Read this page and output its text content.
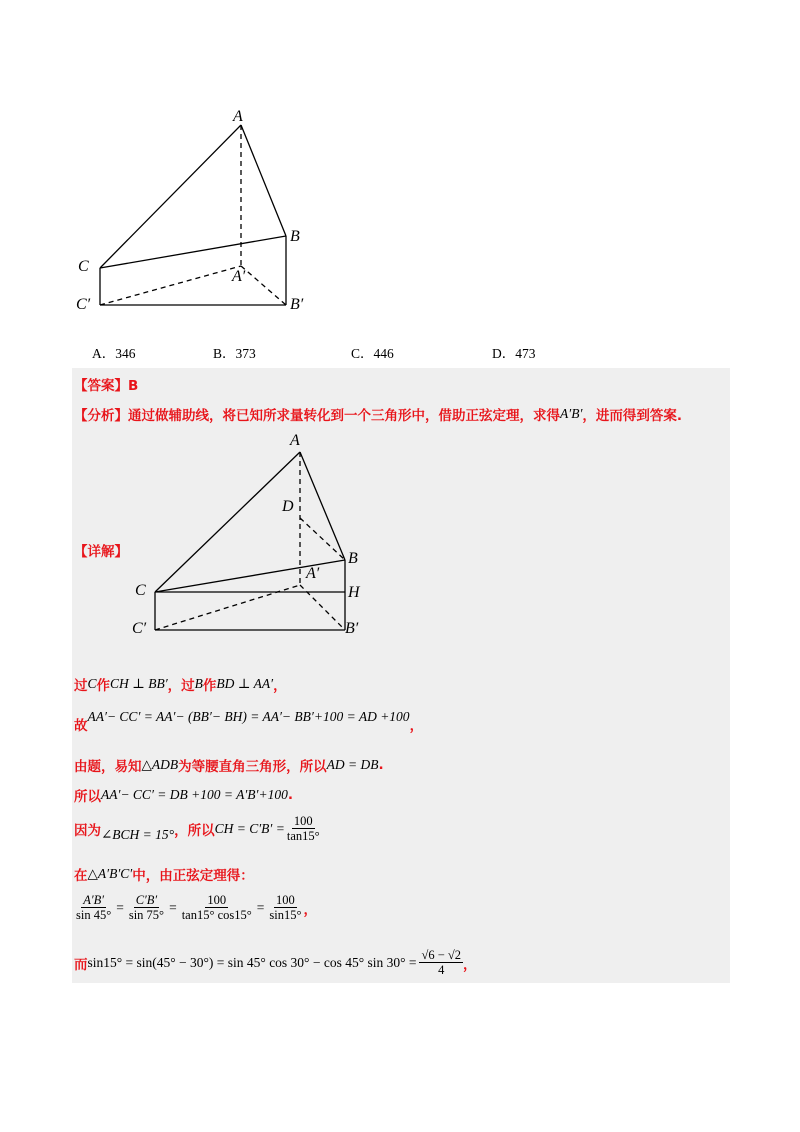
A
B
C
A′
C′	B′
A．346	B．373	C．446	D．473
【答案】B
【分析】 通过做辅助线，将已知所求量转化到一个三角形中，借助正弦定理，求得 A′B′ ，进而得到答案.
【详解】
A
D
B
A′
C	H
C′	B′
过 C 作 CH ⊥ BB′ ，过 B 作 BD ⊥ AA′ ，
故
AA′− CC′ = AA′− (BB′− BH) = AA′− BB′+100 = AD +100
，
由题，易知 △ADB 为等腰直角三角形，所以 AD = DB .
所以 AA′− CC′ = DB +100 = A′B′+100 .
因为 ∠BCH = 15° ，所以 CH = $C'B' = \frac{100}{\tan 15^\circ}$
在 △A′B′C′ 中，由正弦定理得：
$\frac{A'B'}{\sin 45^\circ} = \frac{C'B'}{\sin 75^\circ} = \frac{100}{\tan 15^\circ \cos 15^\circ} = \frac{100}{\sin 15^\circ}$ ，
而 sin15° = sin(45° − 30°) = sin 45° cos 30° − cos 45° $\sin 30^\circ = \frac{√6 - √2}{4}$ ，
